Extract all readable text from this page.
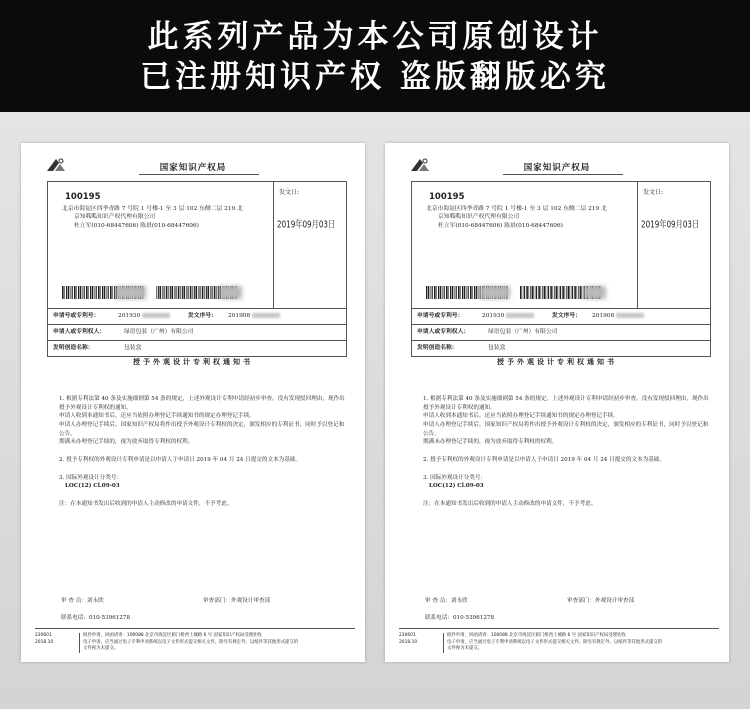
此系列产品为本公司原创设计
已注册知识产权 盗版翻版必究
国家知识产权局
100195
北京市海淀区四季青路 7 号院 1 号楼-1 至 3 层 102 东侧二层 219 北
京知呱呱知识产权代理有限公司
杜立军(010-68447606) 陈晨(010-68447606)
发文日:
2019年09月03日
申请号或专利号：	201930	发文序号： 201908
申请人或专利权人：	绿语包装（广州）有限公司
发明创造名称：	包装盒
授予外观设计专利权通知书

1. 根据专利法第 40 条及实施细则第 54 条的规定，上述外观设计专利申请经初步审查，没有发现驳回理由，现作出授予外观设计专利权的通知。

申请人收到本通知书后，还应当依照办理登记手续通知书的规定办理登记手续。

申请人办理登记手续后，国家知识产权局将作出授予外观设计专利权的决定，颁发相应的专利证书，同时予以登记和公告。

期满未办理登记手续的，视为放弃取得专利权的权利。

2. 授予专利权的外观设计专利申请是以申请人于申请日 2019 年 04 月 24 日提交的文本为基础。

3. 国际外观设计分类号：

LOC(12) Cl.09-03

注：在本通知书发出后收到的申请人主动修改的申请文件，不予考虑。

审 查 员：刘永欣	审查部门：外观设计审查部
联系电话：010-53961278
230601
2018.10
纸件申请，回函请寄：100088 北京市海淀区蓟门桥西土城路 6 号 国家知识产权局受理处收
电子申请，应当通过电子专利申请系统以电子文件形式提交相关文件。除另有规定外，以纸件等其他形式提交的
文件视为未提交。
国家知识产权局
100195
北京市海淀区四季青路 7 号院 1 号楼-1 至 3 层 102 东侧二层 219 北
京知呱呱知识产权代理有限公司
杜立军(010-68447606) 陈晨(010-68447606)
发文日:
2019年09月03日
申请号或专利号：	201930	发文序号： 201908
申请人或专利权人：	绿语包装（广州）有限公司
发明创造名称：	包装盒
授予外观设计专利权通知书

1. 根据专利法第 40 条及实施细则第 54 条的规定，上述外观设计专利申请经初步审查，没有发现驳回理由，现作出授予外观设计专利权的通知。

申请人收到本通知书后，还应当依照办理登记手续通知书的规定办理登记手续。

申请人办理登记手续后，国家知识产权局将作出授予外观设计专利权的决定，颁发相应的专利证书，同时予以登记和公告。

期满未办理登记手续的，视为放弃取得专利权的权利。

2. 授予专利权的外观设计专利申请是以申请人于申请日 2019 年 04 月 24 日提交的文本为基础。

3. 国际外观设计分类号：

LOC(12) Cl.09-03

注：在本通知书发出后收到的申请人主动修改的申请文件，不予考虑。

审 查 员：刘永欣	审查部门：外观设计审查部
联系电话：010-53961278
230601
2018.10
纸件申请，回函请寄：100088 北京市海淀区蓟门桥西土城路 6 号 国家知识产权局受理处收
电子申请，应当通过电子专利申请系统以电子文件形式提交相关文件。除另有规定外，以纸件等其他形式提交的
文件视为未提交。
